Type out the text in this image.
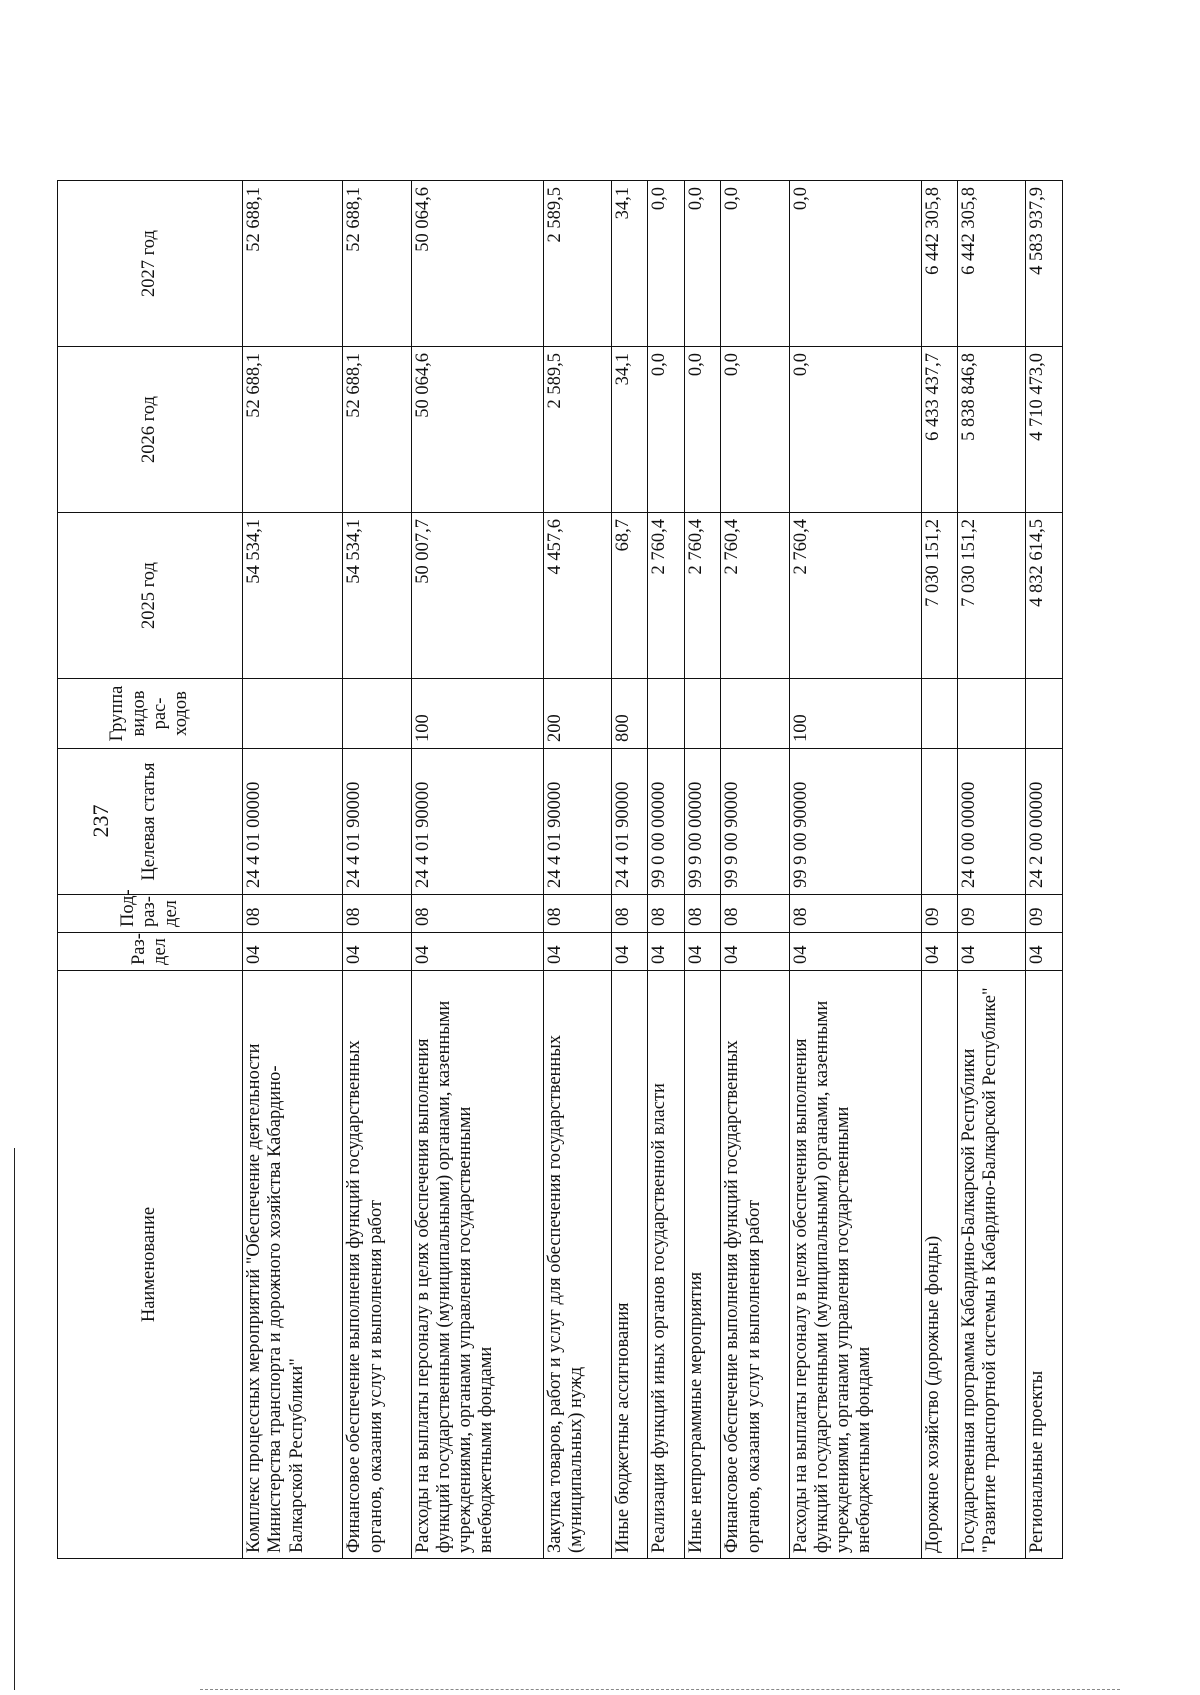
237
Наименование	Раз-дел	Под-раз-дел	Целевая статья	Группа видов рас-ходов	2025 год	2026 год	2027 год
Комплекс процессных мероприятий "Обеспечение деятельности Министерства транспорта и дорожного хозяйства Кабардино-Балкарской Республики"	04	08	24 4 01 00000		54 534,1	52 688,1	52 688,1
Финансовое обеспечение выполнения функций государственных органов, оказания услуг и выполнения работ	04	08	24 4 01 90000		54 534,1	52 688,1	52 688,1
Расходы на выплаты персоналу в целях обеспечения выполнения функций государственными (муниципальными) органами, казенными учреждениями, органами управления государственными внебюджетными фондами	04	08	24 4 01 90000	100	50 007,7	50 064,6	50 064,6
Закупка товаров, работ и услуг для обеспечения государственных (муниципальных) нужд	04	08	24 4 01 90000	200	4 457,6	2 589,5	2 589,5
Иные бюджетные ассигнования	04	08	24 4 01 90000	800	68,7	34,1	34,1
Реализация функций иных органов государственной власти	04	08	99 0 00 00000		2 760,4	0,0	0,0
Иные непрограммные мероприятия	04	08	99 9 00 00000		2 760,4	0,0	0,0
Финансовое обеспечение выполнения функций государственных органов, оказания услуг и выполнения работ	04	08	99 9 00 90000		2 760,4	0,0	0,0
Расходы на выплаты персоналу в целях обеспечения выполнения функций государственными (муниципальными) органами, казенными учреждениями, органами управления государственными внебюджетными фондами	04	08	99 9 00 90000	100	2 760,4	0,0	0,0
Дорожное хозяйство (дорожные фонды)	04	09			7 030 151,2	6 433 437,7	6 442 305,8
Государственная программа Кабардино-Балкарской Республики "Развитие транспортной системы в Кабардино-Балкарской Республике"	04	09	24 0 00 00000		7 030 151,2	5 838 846,8	6 442 305,8
Региональные проекты	04	09	24 2 00 00000		4 832 614,5	4 710 473,0	4 583 937,9
